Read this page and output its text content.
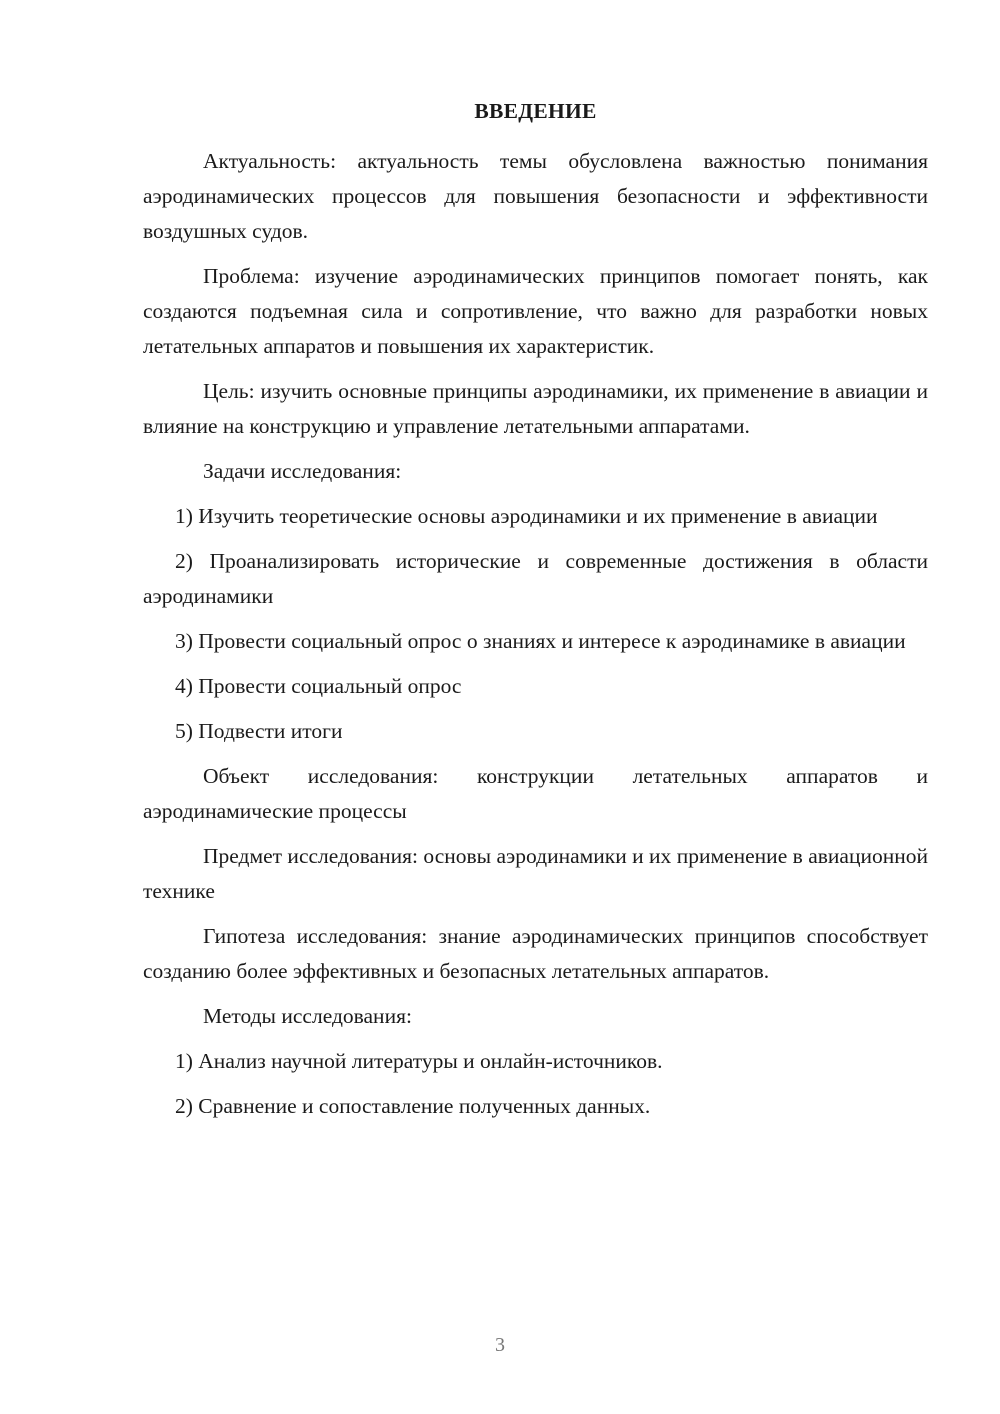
ВВЕДЕНИЕ

Актуальность: актуальность темы обусловлена важностью понимания аэродинамических процессов для повышения безопасности и эффективности воздушных судов.

Проблема: изучение аэродинамических принципов помогает понять, как создаются подъемная сила и сопротивление, что важно для разработки новых летательных аппаратов и повышения их характеристик.

Цель: изучить основные принципы аэродинамики, их применение в авиации и влияние на конструкцию и управление летательными аппаратами.

Задачи исследования:

1) Изучить теоретические основы аэродинамики и их применение в авиации

2) Проанализировать исторические и современные достижения в области аэродинамики

3) Провести социальный опрос о знаниях и интересе к аэродинамике в авиации

4) Провести социальный опрос

5) Подвести итоги

Объект исследования: конструкции летательных аппаратов и аэродинамические процессы

Предмет исследования: основы аэродинамики и их применение в авиационной технике

Гипотеза исследования: знание аэродинамических принципов способствует созданию более эффективных и безопасных летательных аппаратов.

Методы исследования:

1) Анализ научной литературы и онлайн-источников.

2) Сравнение и сопоставление полученных данных.

3
